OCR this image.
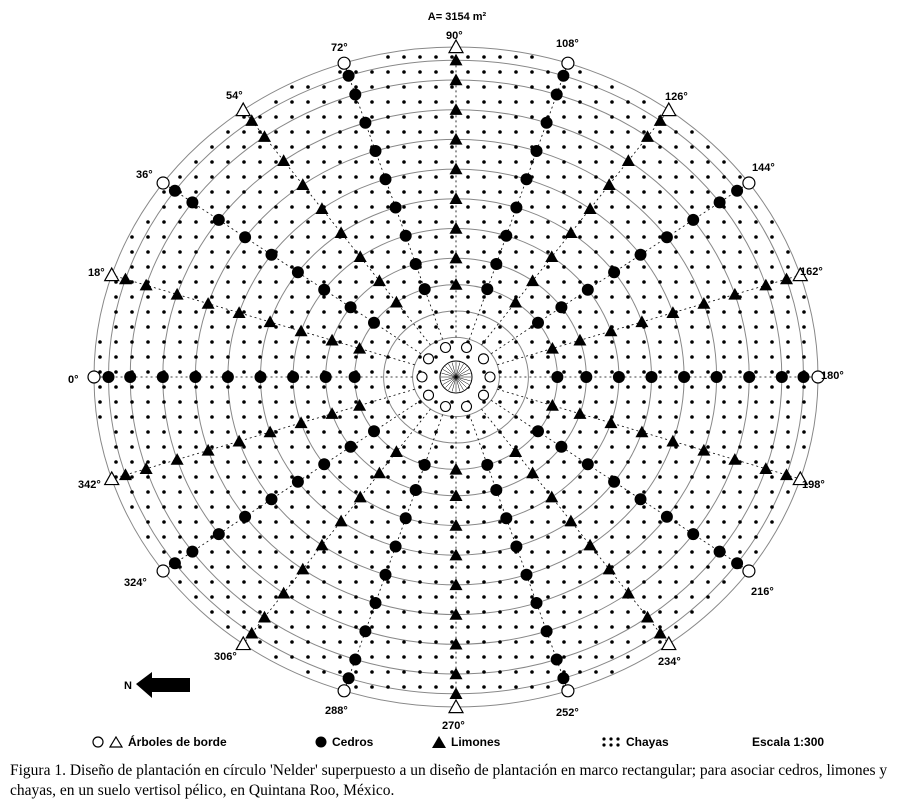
A= 3154 m²
0°
18°
36°
54°
72°
90°
108°
126°
144°
162°
180°
198°
216°
234°
252°
270°
288°
306°
324°
342°
N
Árboles de borde	Cedros	Limones	Chayas	Escala 1:300
Figura 1. Diseño de plantación en círculo 'Nelder' superpuesto a un diseño de plantación en marco rectangular; para asociar cedros, limones y chayas, en un suelo vertisol pélico, en Quintana Roo, México.
